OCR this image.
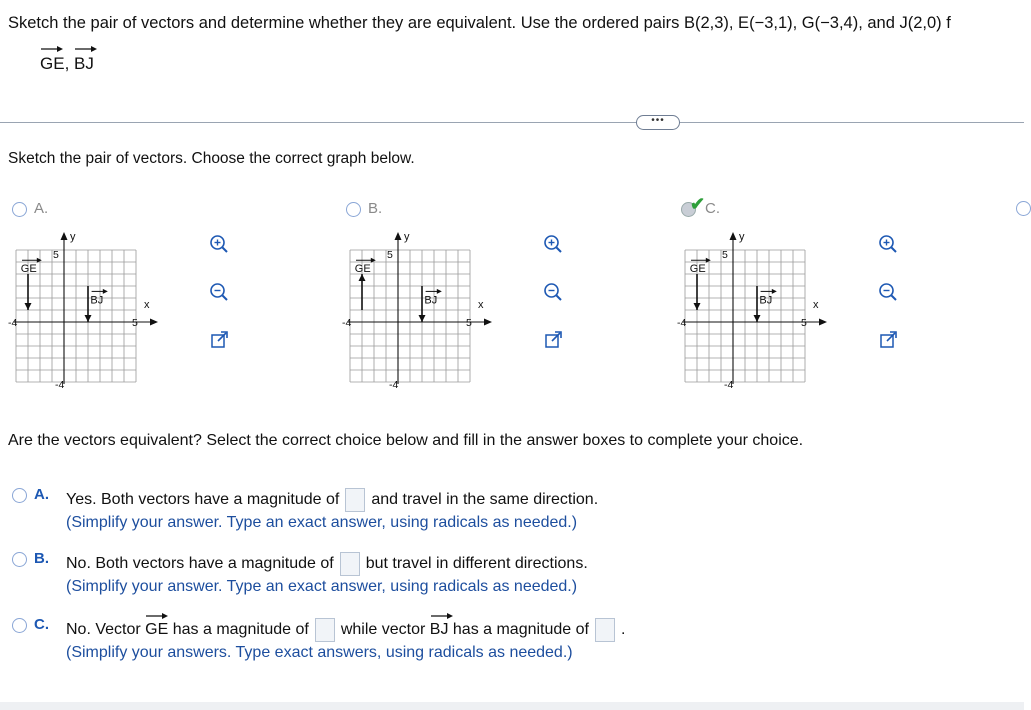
Sketch the pair of vectors and determine whether they are equivalent. Use the ordered pairs B(2,3), E(−3,1), G(−3,4), and J(2,0) f
GE,
BJ
•••
Sketch the pair of vectors. Choose the correct graph below.
A.
y
x
5
-4
-4	5
GE
BJ
B.
y
x
5
-4
-4	5
GE
BJ
✔ C.
y
x
5
-4
-4	5
GE
BJ
Are the vectors equivalent? Select the correct choice below and fill in the answer boxes to complete your choice.
A. Yes. Both vectors have a magnitude of and travel in the same direction.
(Simplify your answer. Type an exact answer, using radicals as needed.)
B. No. Both vectors have a magnitude of but travel in different directions.
(Simplify your answer. Type an exact answer, using radicals as needed.)
C. No. Vector
GE
has a magnitude of while vector
BJ
has a magnitude of .
(Simplify your answers. Type exact answers, using radicals as needed.)
